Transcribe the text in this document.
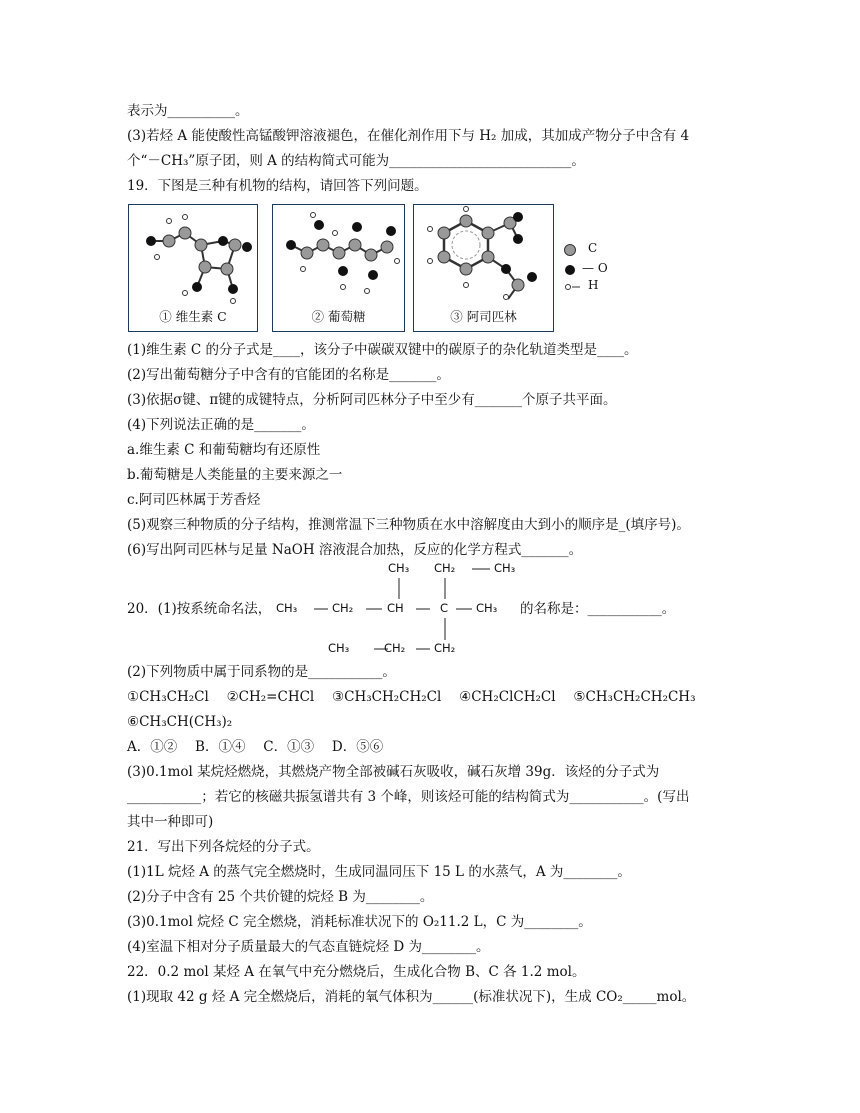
表示为__________。
(3)若烃 A 能使酸性高锰酸钾溶液褪色，在催化剂作用下与 H₂ 加成，其加成产物分子中含有 4
个“－CH₃”原子团，则 A 的结构简式可能为___________________________。
19．下图是三种有机物的结构，请回答下列问题。
① 维生素 C	② 葡萄糖	③ 阿司匹林
C
— O
H
(1)维生素 C 的分子式是____，该分子中碳碳双键中的碳原子的杂化轨道类型是____。
(2)写出葡萄糖分子中含有的官能团的名称是_______。
(3)依据σ键、π键的成键特点，分析阿司匹林分子中至少有_______个原子共平面。
(4)下列说法正确的是_______。
a.维生素 C 和葡萄糖均有还原性
b.葡萄糖是人类能量的主要来源之一
c.阿司匹林属于芳香烃
(5)观察三种物质的分子结构，推测常温下三种物质在水中溶解度由大到小的顺序是_(填序号)。
(6)写出阿司匹林与足量 NaOH 溶液混合加热，反应的化学方程式_______。
20．(1)按系统命名法， CH₃	CH₂
CH₃
CH₃
CH₂
CH	C CH₃
CH₃
CH₂ CH₂
的名称是：___________。
(2)下列物质中属于同系物的是___________。
①CH₃CH₂Cl　 ②CH₂=CHCl　 ③CH₃CH₂CH₂Cl　 ④CH₂ClCH₂Cl　 ⑤CH₃CH₂CH₂CH₃
⑥CH₃CH(CH₃)₂
A．①②　 B．①④　 C．①③　 D．⑤⑥
(3)0.1mol 某烷烃燃烧，其燃烧产物全部被碱石灰吸收，碱石灰增 39g．该烃的分子式为
___________；若它的核磁共振氢谱共有 3 个峰，则该烃可能的结构简式为___________。(写出
其中一种即可)
21．写出下列各烷烃的分子式。
(1)1L 烷烃 A 的蒸气完全燃烧时，生成同温同压下 15 L 的水蒸气，A 为________。
(2)分子中含有 25 个共价键的烷烃 B 为________。
(3)0.1mol 烷烃 C 完全燃烧，消耗标准状况下的 O₂11.2 L，C 为________。
(4)室温下相对分子质量最大的气态直链烷烃 D 为________。
22．0.2 mol 某烃 A 在氧气中充分燃烧后，生成化合物 B、C 各 1.2 mol。
(1)现取 42 g 烃 A 完全燃烧后，消耗的氧气体积为______(标准状况下)，生成 CO₂_____mol。
